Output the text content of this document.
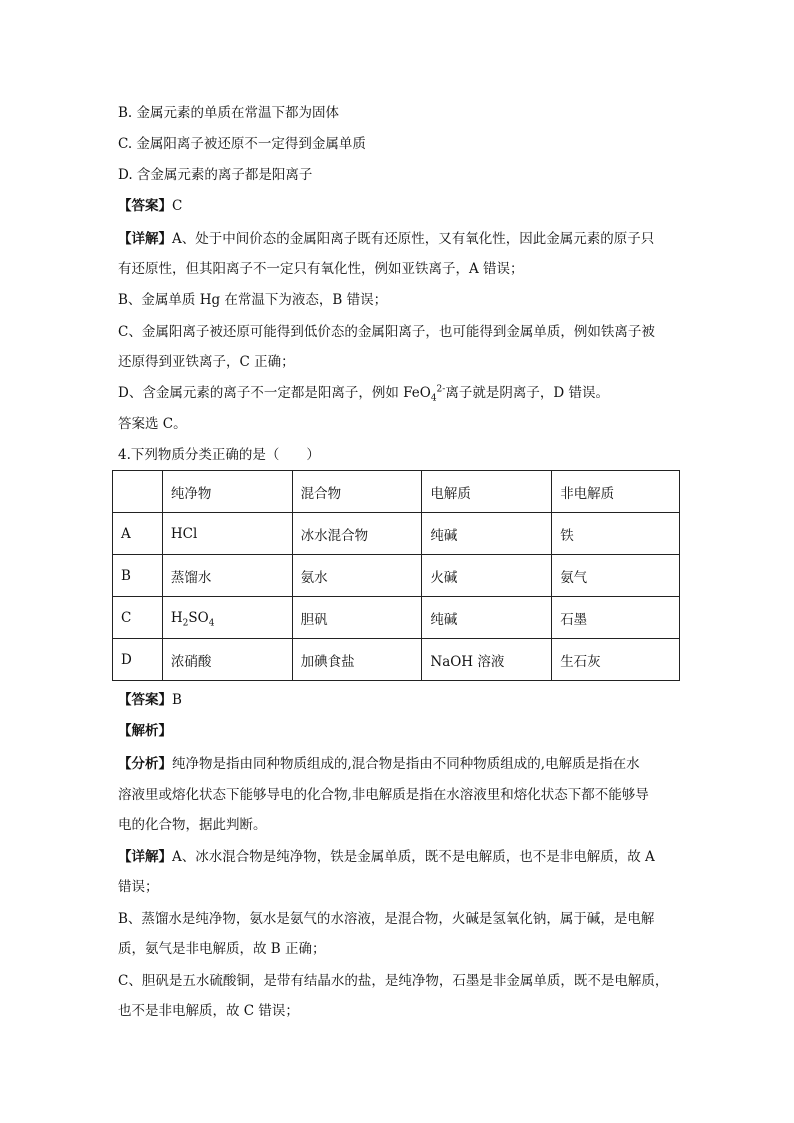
B. 金属元素的单质在常温下都为固体
C. 金属阳离子被还原不一定得到金属单质
D. 含金属元素的离子都是阳离子
【答案】C
【详解】A、处于中间价态的金属阳离子既有还原性，又有氧化性，因此金属元素的原子只
有还原性，但其阳离子不一定只有氧化性，例如亚铁离子，A 错误；
B、金属单质 Hg 在常温下为液态，B 错误；
C、金属阳离子被还原可能得到低价态的金属阳离子，也可能得到金属单质，例如铁离子被
还原得到亚铁离子，C 正确；
D、含金属元素的离子不一定都是阳离子，例如 FeO$_4^{2-}$离子就是阴离子，D 错误。
答案选 C。
4.下列物质分类正确的是（　　）
	纯净物	混合物	电解质	非电解质
A	HCl	冰水混合物	纯碱	铁
B	蒸馏水	氨水	火碱	氨气
C	$H_2SO_4$	胆矾	纯碱	石墨
D	浓硝酸	加碘食盐	NaOH 溶液	生石灰
【答案】B
【解析】
【分析】纯净物是指由同种物质组成的,混合物是指由不同种物质组成的,电解质是指在水
溶液里或熔化状态下能够导电的化合物,非电解质是指在水溶液里和熔化状态下都不能够导
电的化合物，据此判断。
【详解】A、冰水混合物是纯净物，铁是金属单质，既不是电解质，也不是非电解质，故 A
错误；
B、蒸馏水是纯净物，氨水是氨气的水溶液，是混合物，火碱是氢氧化钠，属于碱，是电解
质，氨气是非电解质，故 B 正确；
C、胆矾是五水硫酸铜，是带有结晶水的盐，是纯净物，石墨是非金属单质，既不是电解质，
也不是非电解质，故 C 错误；
